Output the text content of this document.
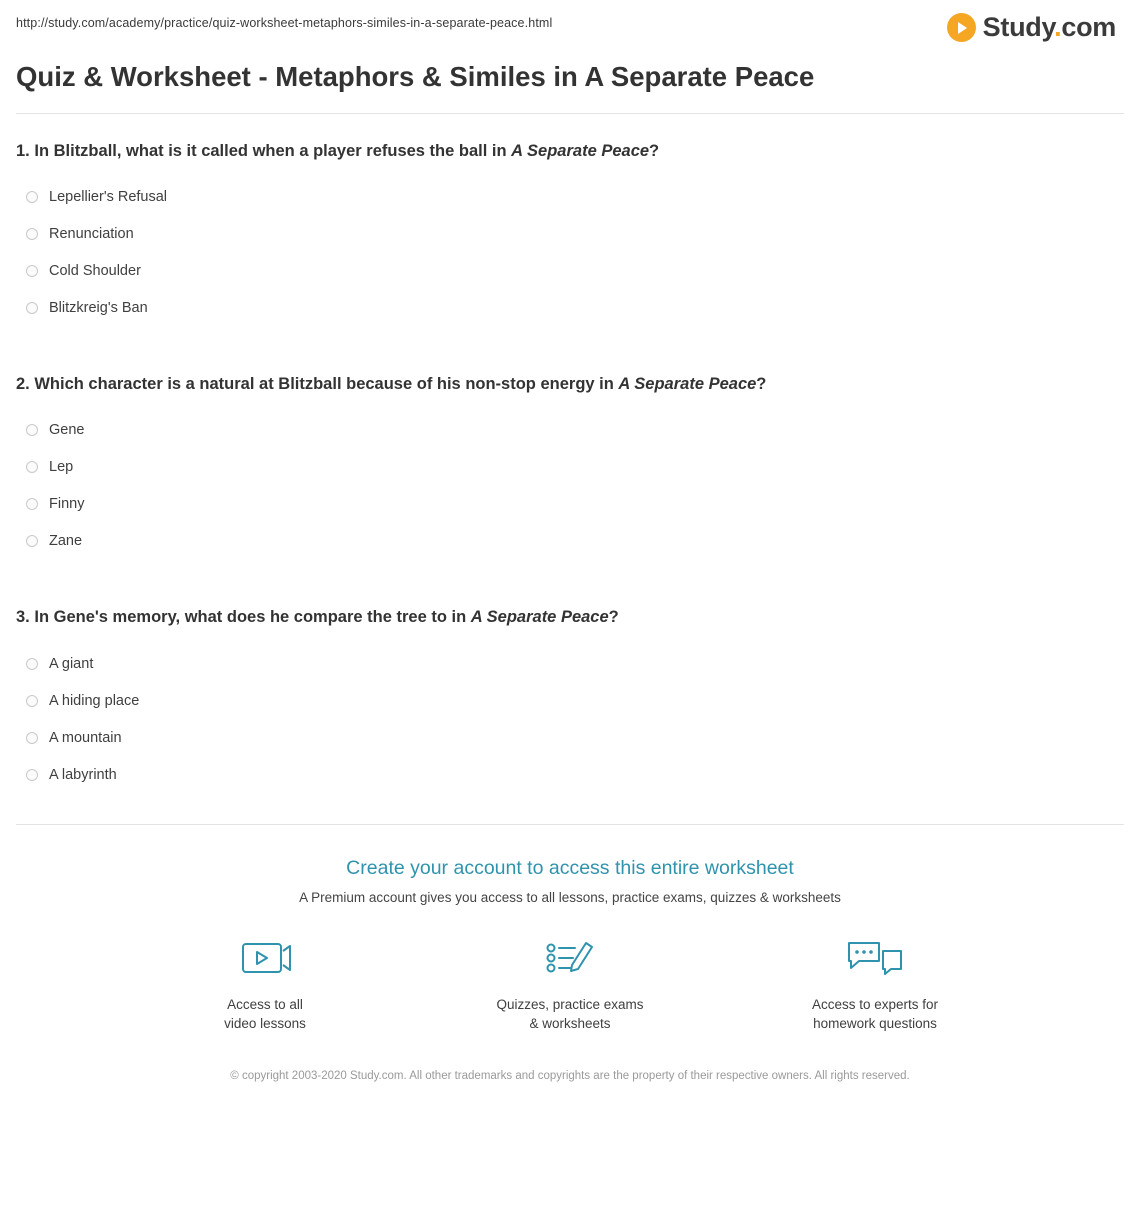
http://study.com/academy/practice/quiz-worksheet-metaphors-similes-in-a-separate-peace.html	Study.com
Quiz & Worksheet - Metaphors & Similes in A Separate Peace

1. In Blitzball, what is it called when a player refuses the ball in A Separate Peace?

Lepellier's Refusal
Renunciation
Cold Shoulder
Blitzkreig's Ban

2. Which character is a natural at Blitzball because of his non-stop energy in A Separate Peace?

Gene
Lep
Finny
Zane

3. In Gene's memory, what does he compare the tree to in A Separate Peace?

A giant
A hiding place
A mountain
A labyrinth

Create your account to access this entire worksheet

A Premium account gives you access to all lessons, practice exams, quizzes & worksheets

Access to all
video lessons
Quizzes, practice exams
& worksheets
Access to experts for
homework questions
© copyright 2003-2020 Study.com. All other trademarks and copyrights are the property of their respective owners. All rights reserved.
